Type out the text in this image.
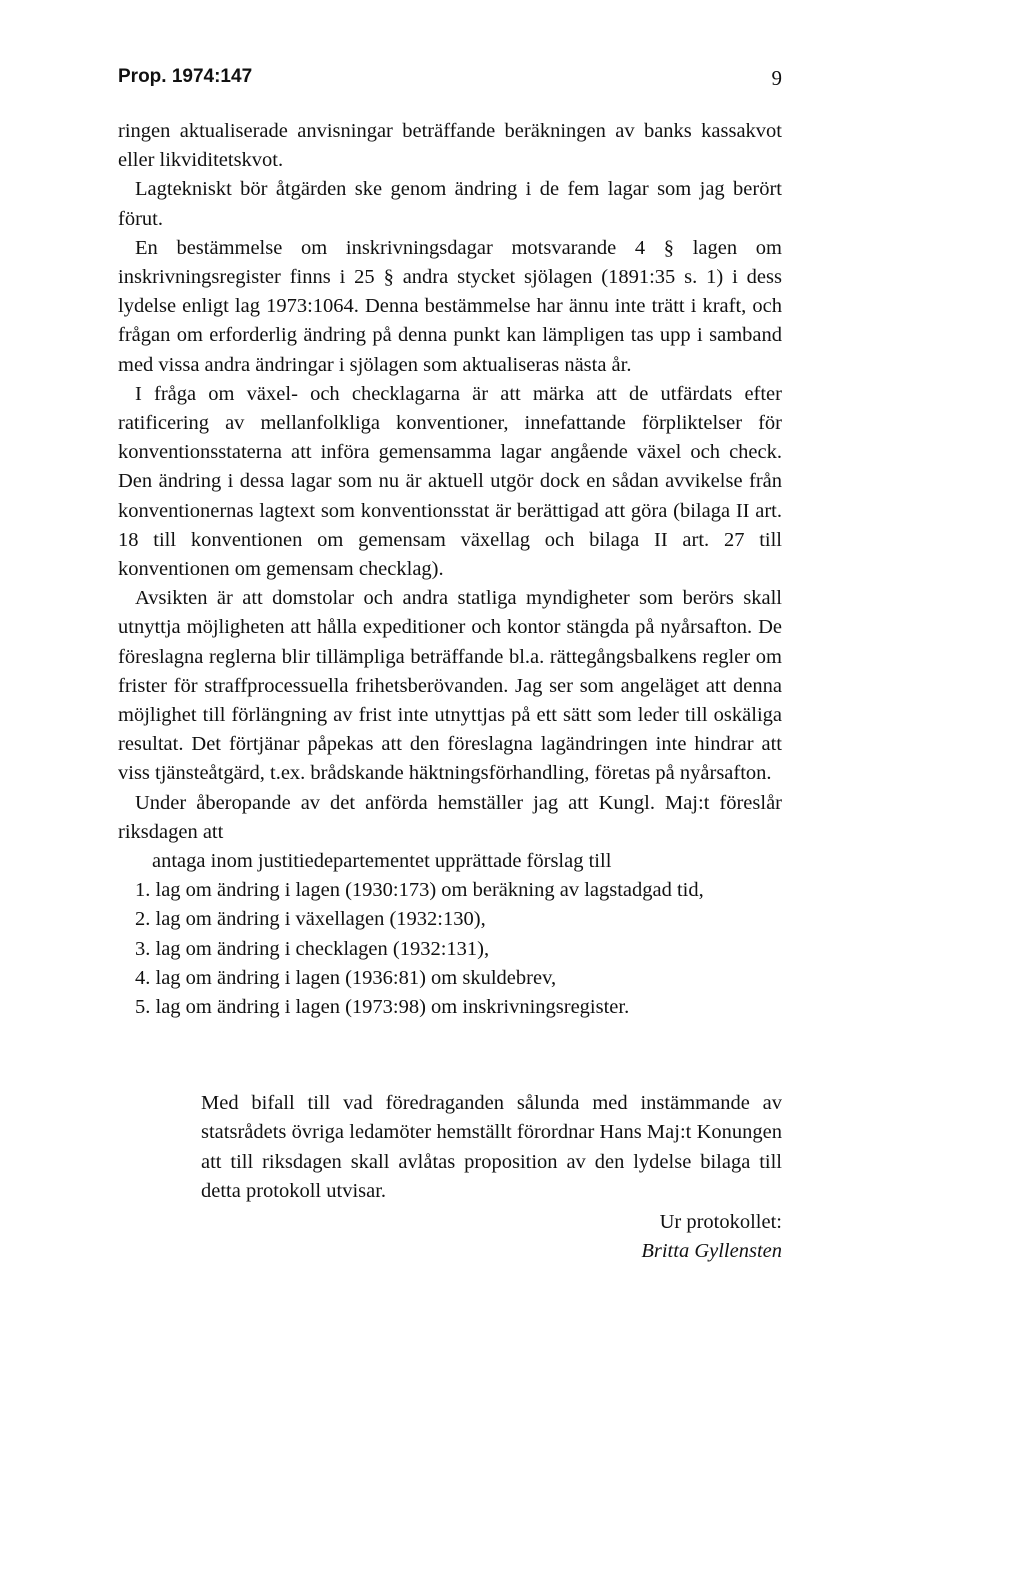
Prop. 1974:147	9

ringen aktualiserade anvisningar beträffande beräkningen av banks kassakvot eller likviditetskvot.

Lagtekniskt bör åtgärden ske genom ändring i de fem lagar som jag berört förut.

En bestämmelse om inskrivningsdagar motsvarande 4 § lagen om inskrivningsregister finns i 25 § andra stycket sjölagen (1891:35 s. 1) i dess lydelse enligt lag 1973:1064. Denna bestämmelse har ännu inte trätt i kraft, och frågan om erforderlig ändring på denna punkt kan lämpligen tas upp i samband med vissa andra ändringar i sjölagen som aktualiseras nästa år.

I fråga om växel- och checklagarna är att märka att de utfärdats efter ratificering av mellanfolkliga konventioner, innefattande förpliktelser för konventionsstaterna att införa gemensamma lagar angående växel och check. Den ändring i dessa lagar som nu är aktuell utgör dock en sådan avvikelse från konventionernas lagtext som konventionsstat är berättigad att göra (bilaga II art. 18 till konventionen om gemensam växellag och bilaga II art. 27 till konventionen om gemensam checklag).

Avsikten är att domstolar och andra statliga myndigheter som berörs skall utnyttja möjligheten att hålla expeditioner och kontor stängda på nyårsafton. De föreslagna reglerna blir tillämpliga beträffande bl.a. rättegångsbalkens regler om frister för straffprocessuella frihetsberövanden. Jag ser som angeläget att denna möjlighet till förlängning av frist inte utnyttjas på ett sätt som leder till oskäliga resultat. Det förtjänar påpekas att den föreslagna lagändringen inte hindrar att viss tjänsteåtgärd, t.ex. brådskande häktningsförhandling, företas på nyårsafton.

Under åberopande av det anförda hemställer jag att Kungl. Maj:t föreslår riksdagen att

antaga inom justitiedepartementet upprättade förslag till

1. lag om ändring i lagen (1930:173) om beräkning av lagstadgad tid,
2. lag om ändring i växellagen (1932:130),
3. lag om ändring i checklagen (1932:131),
4. lag om ändring i lagen (1936:81) om skuldebrev,
5. lag om ändring i lagen (1973:98) om inskrivningsregister.

Med bifall till vad föredraganden sålunda med instämmande av statsrådets övriga ledamöter hemställt förordnar Hans Maj:t Konungen att till riksdagen skall avlåtas proposition av den lydelse bilaga till detta protokoll utvisar.

Ur protokollet:
Britta Gyllensten
